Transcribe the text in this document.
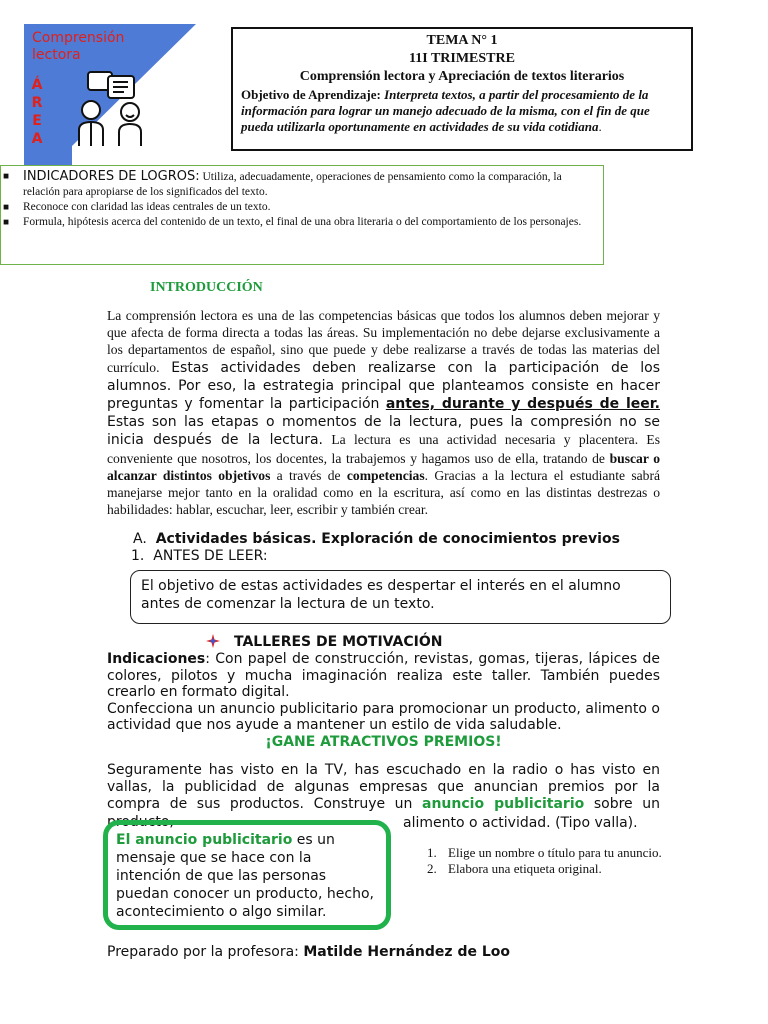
Comprensión lectora
Á
R
E
A
TEMA N° 1
11I TRIMESTRE
Comprensión lectora y Apreciación de textos literarios
Objetivo de Aprendizaje: Interpreta textos, a partir del procesamiento de la información para lograr un manejo adecuado de la misma, con el fin de que pueda utilizarla oportunamente en actividades de su vida cotidiana.
■ INDICADORES DE LOGROS: Utiliza, adecuadamente, operaciones de pensamiento como la comparación, la relación para apropiarse de los significados del texto.
■ Reconoce con claridad las ideas centrales de un texto.
■ Formula, hipótesis acerca del contenido de un texto, el final de una obra literaria o del comportamiento de los personajes.
INTRODUCCIÓN
La comprensión lectora es una de las competencias básicas que todos los alumnos deben mejorar y que afecta de forma directa a todas las áreas. Su implementación no debe dejarse exclusivamente a los departamentos de español, sino que puede y debe realizarse a través de todas las materias del currículo. Estas actividades deben realizarse con la participación de los alumnos. Por eso, la estrategia principal que planteamos consiste en hacer preguntas y fomentar la participación antes, durante y después de leer. Estas son las etapas o momentos de la lectura, pues la compresión no se inicia después de la lectura. La lectura es una actividad necesaria y placentera. Es conveniente que nosotros, los docentes, la trabajemos y hagamos uso de ella, tratando de buscar o alcanzar distintos objetivos a través de competencias. Gracias a la lectura el estudiante sabrá manejarse mejor tanto en la oralidad como en la escritura, así como en las distintas destrezas o habilidades: hablar, escuchar, leer, escribir y también crear.
A. Actividades básicas. Exploración de conocimientos previos
1. ANTES DE LEER:
El objetivo de estas actividades es despertar el interés en el alumno antes de comenzar la lectura de un texto.
TALLERES DE MOTIVACIÓN
Indicaciones: Con papel de construcción, revistas, gomas, tijeras, lápices de colores, pilotos y mucha imaginación realiza este taller. También puedes crearlo en formato digital.
Confecciona un anuncio publicitario para promocionar un producto, alimento o actividad que nos ayude a mantener un estilo de vida saludable.
¡GANE ATRACTIVOS PREMIOS!
Seguramente has visto en la TV, has escuchado en la radio o has visto en vallas, la publicidad de algunas empresas que anuncian premios por la compra de sus productos. Construye un anuncio publicitario sobre un producto,	alimento o actividad. (Tipo valla).
El anuncio publicitario es un mensaje que se hace con la intención de que las personas puedan conocer un producto, hecho, acontecimiento o algo similar.
1. Elige un nombre o título para tu anuncio.
2. Elabora una etiqueta original.
Preparado por la profesora: Matilde Hernández de Loo
